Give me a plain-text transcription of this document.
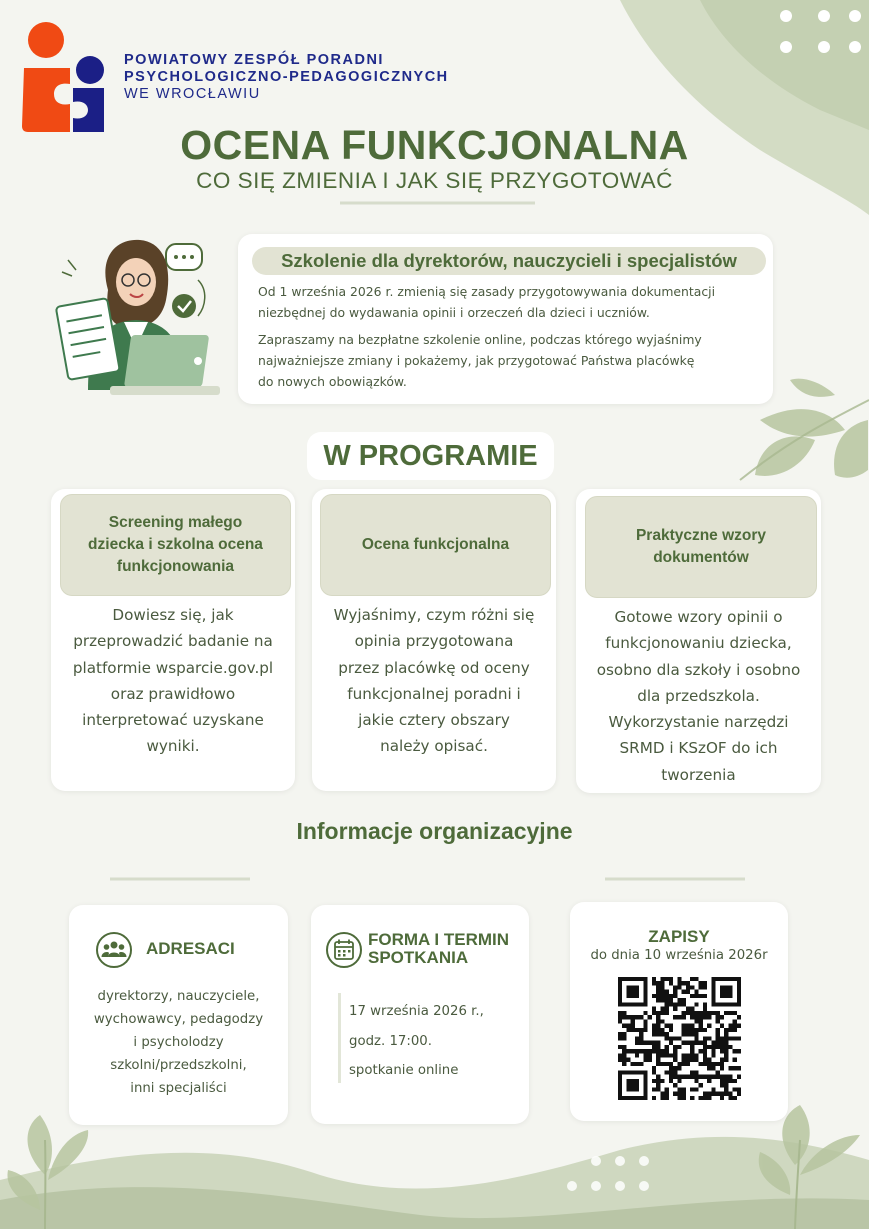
POWIATOWY ZESPÓŁ PORADNI
PSYCHOLOGICZNO-PEDAGOGICZNYCH
WE WROCŁAWIU
OCENA FUNKCJONALNA
CO SIĘ ZMIENIA I JAK SIĘ PRZYGOTOWAĆ
Szkolenie dla dyrektorów, nauczycieli i specjalistów
Od 1 września 2026 r. zmienią się zasady przygotowywania dokumentacji
niezbędnej do wydawania opinii i orzeczeń dla dzieci i uczniów.
Zapraszamy na bezpłatne szkolenie online, podczas którego wyjaśnimy
najważniejsze zmiany i pokażemy, jak przygotować Państwa placówkę
do nowych obowiązków.
W PROGRAMIE
Screening małego
dziecka i szkolna ocena
funkcjonowania
Dowiesz się, jak
przeprowadzić badanie na
platformie wsparcie.gov.pl
oraz prawidłowo
interpretować uzyskane
wyniki.
Ocena funkcjonalna
Wyjaśnimy, czym różni się
opinia przygotowana
przez placówkę od oceny
funkcjonalnej poradni i
jakie cztery obszary
należy opisać.
Praktyczne wzory
dokumentów
Gotowe wzory opinii o
funkcjonowaniu dziecka,
osobno dla szkoły i osobno
dla przedszkola.
Wykorzystanie narzędzi
SRMD i KSzOF do ich
tworzenia
Informacje organizacyjne
ADRESACI
dyrektorzy, nauczyciele,
wychowawcy, pedagodzy
i psycholodzy
szkolni/przedszkolni,
inni specjaliści
FORMA I TERMIN
SPOTKANIA
17 września 2026 r.,
godz. 17:00.
spotkanie online
ZAPISY
do dnia 10 września 2026r
